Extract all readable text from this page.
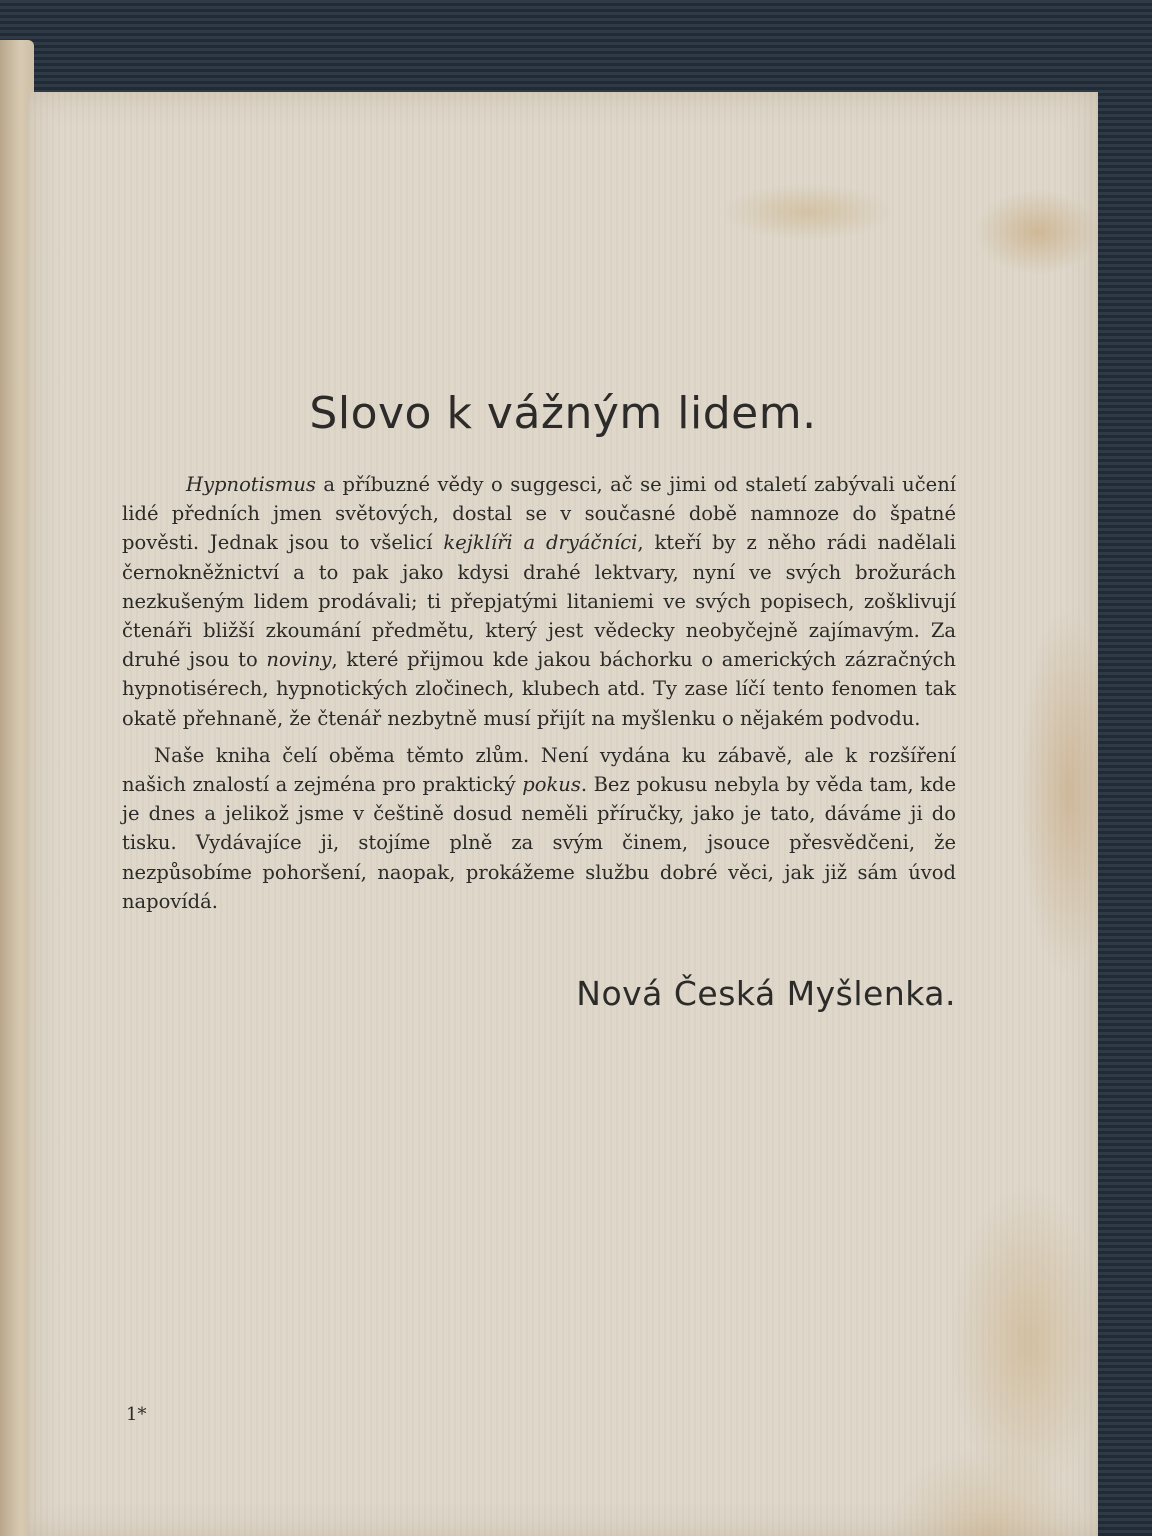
Slovo k vážným lidem.

Hypnotismus a příbuzné vědy o suggesci, ač se jimi od staletí zabývali učení lidé předních jmen světových, dostal se v současné době namnoze do špatné pověsti. Jednak jsou to všelicí kejklíři a dryáčníci, kteří by z něho rádi nadělali černokněžnictví a to pak jako kdysi drahé lektvary, nyní ve svých brožurách nezkušeným lidem prodávali; ti přepjatými litaniemi ve svých popisech, zošklivují čtenáři bližší zkoumání předmětu, který jest vědecky neobyčejně zajímavým. Za druhé jsou to noviny, které přijmou kde jakou báchorku o amerických zázračných hypnotisérech, hypnotických zločinech, klubech atd. Ty zase líčí tento fenomen tak okatě přehnaně, že čtenář nezbytně musí přijít na myšlenku o nějakém podvodu.

Naše kniha čelí oběma těmto zlům. Není vydána ku zábavě, ale k rozšíření našich znalostí a zejména pro praktický pokus. Bez pokusu nebyla by věda tam, kde je dnes a jelikož jsme v češtině dosud neměli příručky, jako je tato, dáváme ji do tisku. Vydávajíce ji, stojíme plně za svým činem, jsouce přesvědčeni, že nezpůsobíme pohoršení, naopak, prokážeme službu dobré věci, jak již sám úvod napovídá.

Nová Česká Myšlenka.

1*
